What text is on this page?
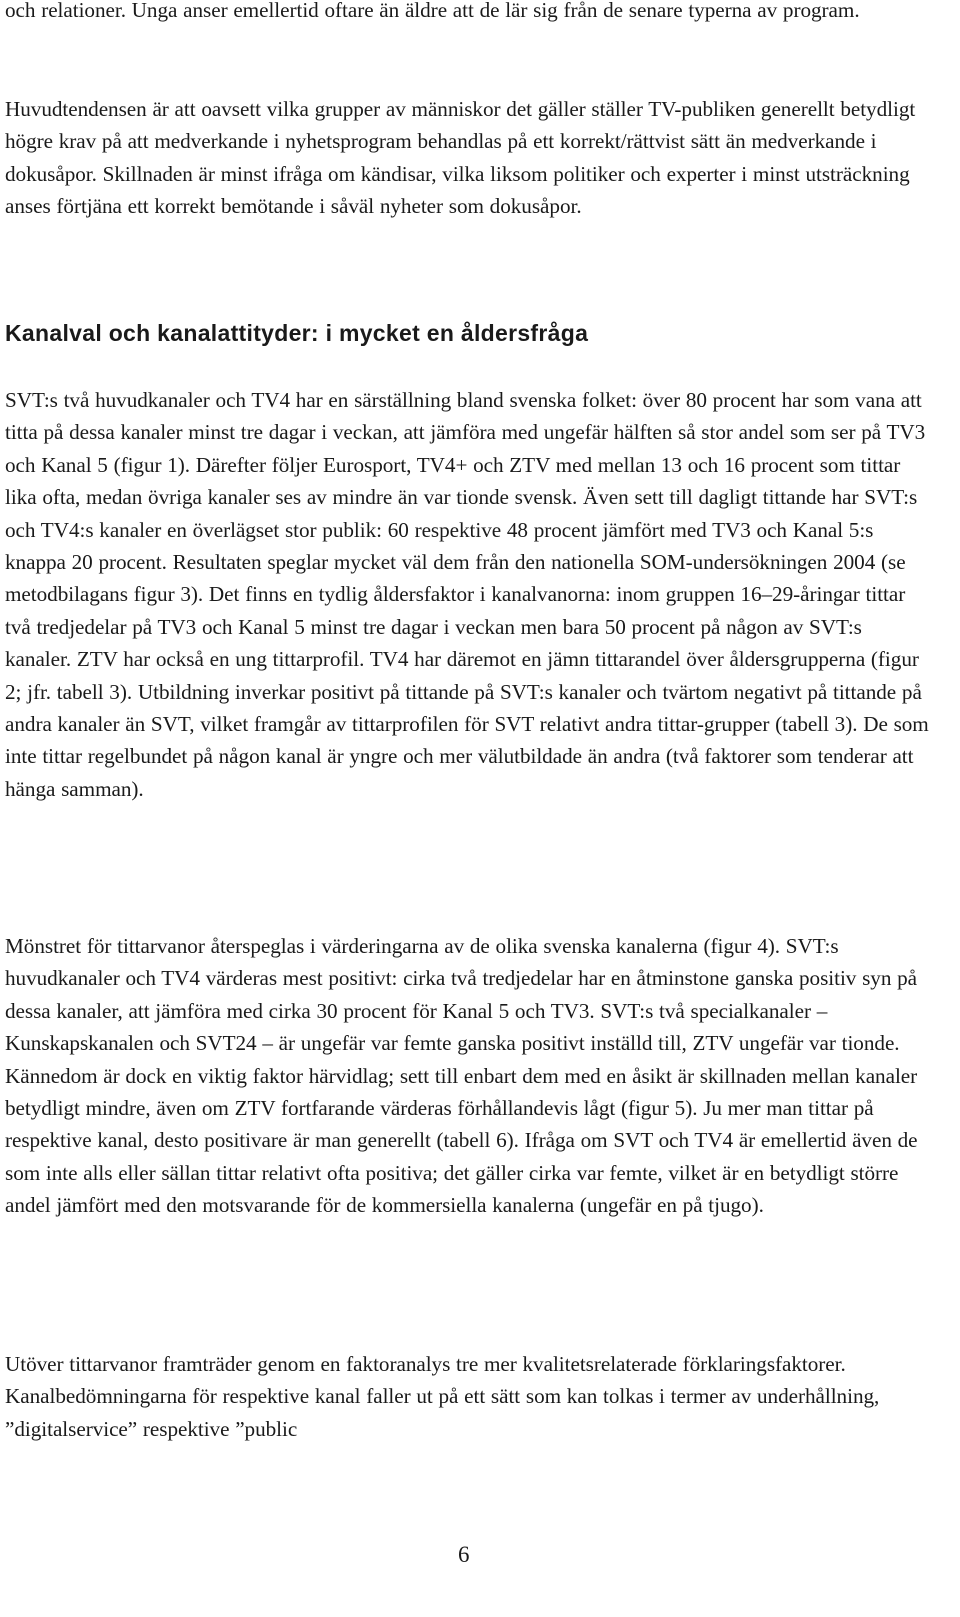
och relationer. Unga anser emellertid oftare än äldre att de lär sig från de senare typerna av program.

Huvudtendensen är att oavsett vilka grupper av människor det gäller ställer TV-publiken generellt betydligt högre krav på att medverkande i nyhetsprogram behandlas på ett korrekt/rättvist sätt än medverkande i dokusåpor. Skillnaden är minst ifråga om kändisar, vilka liksom politiker och experter i minst utsträckning anses förtjäna ett korrekt bemötande i såväl nyheter som dokusåpor.

Kanalval och kanalattityder: i mycket en åldersfråga

SVT:s två huvudkanaler och TV4 har en särställning bland svenska folket: över 80 procent har som vana att titta på dessa kanaler minst tre dagar i veckan, att jämföra med ungefär hälften så stor andel som ser på TV3 och Kanal 5 (figur 1). Därefter följer Eurosport, TV4+ och ZTV med mellan 13 och 16 procent som tittar lika ofta, medan övriga kanaler ses av mindre än var tionde svensk. Även sett till dagligt tittande har SVT:s och TV4:s kanaler en överlägset stor publik: 60 respektive 48 procent jämfört med TV3 och Kanal 5:s knappa 20 procent. Resultaten speglar mycket väl dem från den nationella SOM-undersökningen 2004 (se metodbilagans figur 3). Det finns en tydlig åldersfaktor i kanalvanorna: inom gruppen 16–29-åringar tittar två tredjedelar på TV3 och Kanal 5 minst tre dagar i veckan men bara 50 procent på någon av SVT:s kanaler. ZTV har också en ung tittarprofil. TV4 har däremot en jämn tittarandel över åldersgrupperna (figur 2; jfr. tabell 3). Utbildning inverkar positivt på tittande på SVT:s kanaler och tvärtom negativt på tittande på andra kanaler än SVT, vilket framgår av tittarprofilen för SVT relativt andra tittar-grupper (tabell 3). De som inte tittar regelbundet på någon kanal är yngre och mer välutbildade än andra (två faktorer som tenderar att hänga samman).

Mönstret för tittarvanor återspeglas i värderingarna av de olika svenska kanalerna (figur 4). SVT:s huvudkanaler och TV4 värderas mest positivt: cirka två tredjedelar har en åtminstone ganska positiv syn på dessa kanaler, att jämföra med cirka 30 procent för Kanal 5 och TV3. SVT:s två specialkanaler – Kunskapskanalen och SVT24 – är ungefär var femte ganska positivt inställd till, ZTV ungefär var tionde. Kännedom är dock en viktig faktor härvidlag; sett till enbart dem med en åsikt är skillnaden mellan kanaler betydligt mindre, även om ZTV fortfarande värderas förhållandevis lågt (figur 5). Ju mer man tittar på respektive kanal, desto positivare är man generellt (tabell 6). Ifråga om SVT och TV4 är emellertid även de som inte alls eller sällan tittar relativt ofta positiva; det gäller cirka var femte, vilket är en betydligt större andel jämfört med den motsvarande för de kommersiella kanalerna (ungefär en på tjugo).

Utöver tittarvanor framträder genom en faktoranalys tre mer kvalitetsrelaterade förklaringsfaktorer. Kanalbedömningarna för respektive kanal faller ut på ett sätt som kan tolkas i termer av underhållning, ”digitalservice” respektive ”public

6
